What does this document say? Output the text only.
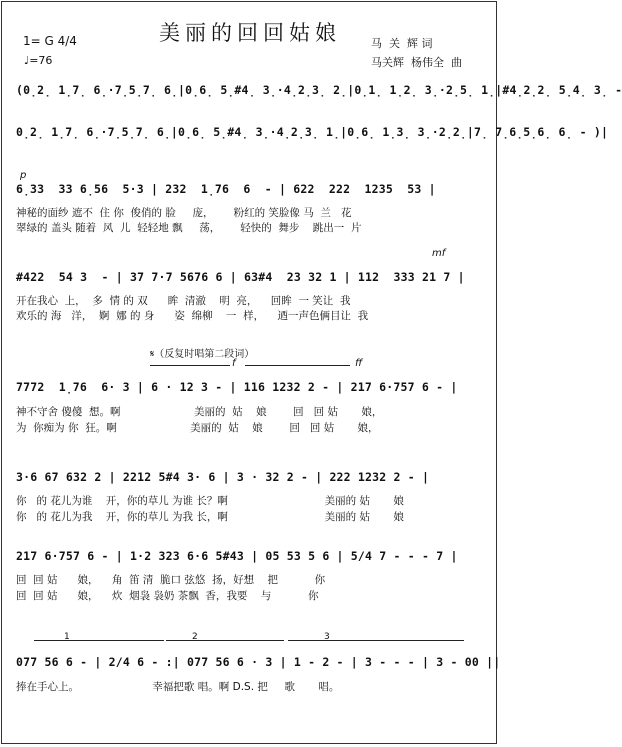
美丽的回回姑娘
1= G 4/4
♩=76
马  关  辉 词
马关辉  杨伟全  曲
(0̣2̣ 1̣7̣ 6̣·7̣5̣7̣ 6̣|0̣6̣ 5̣#4̣ 3̣·4̣2̣3̣ 2̣|0̣1̣ 1̣2̣ 3̣·2̣5̣ 1̣|#4̣2̣2̣ 5̣4̣ 3̣ -
0̣2̣ 1̣7̣ 6̣·7̣5̣7̣ 6̣|0̣6̣ 5̣#4̣ 3̣·4̣2̣3̣ 1̣|0̣6̣ 1̣3̣ 3̣·2̣2̣|7̣ 7̣6̣5̣6̣ 6̣ - )|
p
6̣33  33 6̣56  5·3 | 232  1̣76  6  - | 622  222  1235  53 |
神秘的面纱 遮不  住 你  俊俏的 脸     庞，      粉红的 笑脸像 马  兰   花
翠绿的 盖头 随着  风  儿  轻轻地 飘     荡，      轻快的  舞步    跳出一  片
mf
#422  54 3  - | 37 7·7 5676 6 | 63#4  23 32 1 | 112  333 21 7 |
开在我心  上，  多  情 的 双      眸  清澈    明  亮，    回眸  一 笑让  我
欢乐的 海   洋，  婀  娜 的 身      姿  绵柳    一  样，    迺一声色俩目让  我
𝄋（反复时唱第二段词）
f	ff
7772  1̣76  6· 3 | 6 · 12 3 - | 116 1232 2 - | 217 6·757 6 - |
神不守舍 傻傻  想。啊                      美丽的  姑    娘        回   回 姑       娘，
为  你痴为 你  狂。啊                      美丽的  姑    娘        回   回 姑       娘，
3·6 67 632 2 | 2212 5#4 3· 6 | 3 · 32 2 - | 222 1232 2 - |
你   的 花儿为谁    开，你的草儿 为谁 长？啊                             美丽的 姑       娘
你   的 花儿为我    开，你的草儿 为我 长，啊                             美丽的 姑       娘
217 6·757 6 - | 1·2 323 6·6 5#43 | 05 53 5 6 | 5/4 7 - - - 7 |
回  回 姑      娘，    角  笛 清  脆口 弦悠  扬，好想    把           你
回  回 姑      娘，    炊  烟袅 袅奶 茶飘  香，我要    与           你
1	2	3
077 56 6 - | 2/4 6 - :| 077 56 6 · 3 | 1 - 2 - | 3 - - - | 3 - 00 ||
捧在手心上。                      幸福把歌 唱。啊 D.S. 把     歌       唱。
